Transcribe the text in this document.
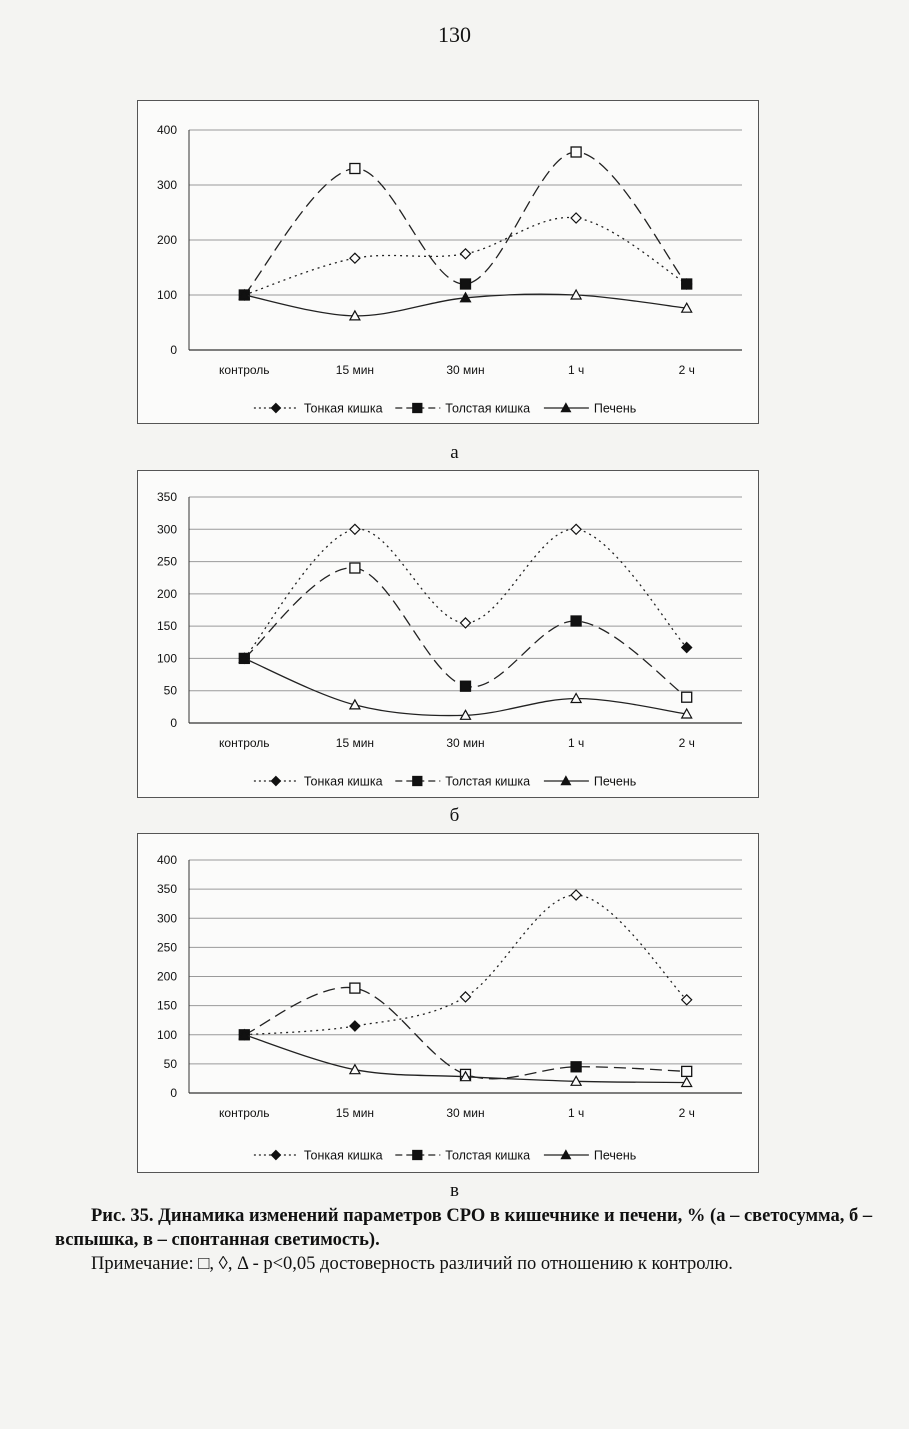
130
0
100
200
300
400
контроль	15 мин	30 мин	1 ч	2 ч
Тонкая кишка	Толстая кишка	Печень
а
0
50
100
150
200
250
300
350
контроль	15 мин	30 мин	1 ч	2 ч
Тонкая кишка	Толстая кишка	Печень
б
0
50
100
150
200
250
300
350
400
контроль	15 мин	30 мин	1 ч	2 ч
Тонкая кишка	Толстая кишка	Печень
в
Рис. 35. Динамика изменений параметров СРО в кишечнике и печени, % (а – светосумма, б – вспышка, в – спонтанная светимость).
Примечание: □, ◊, Δ - p<0,05 достоверность различий по отношению к контролю.
